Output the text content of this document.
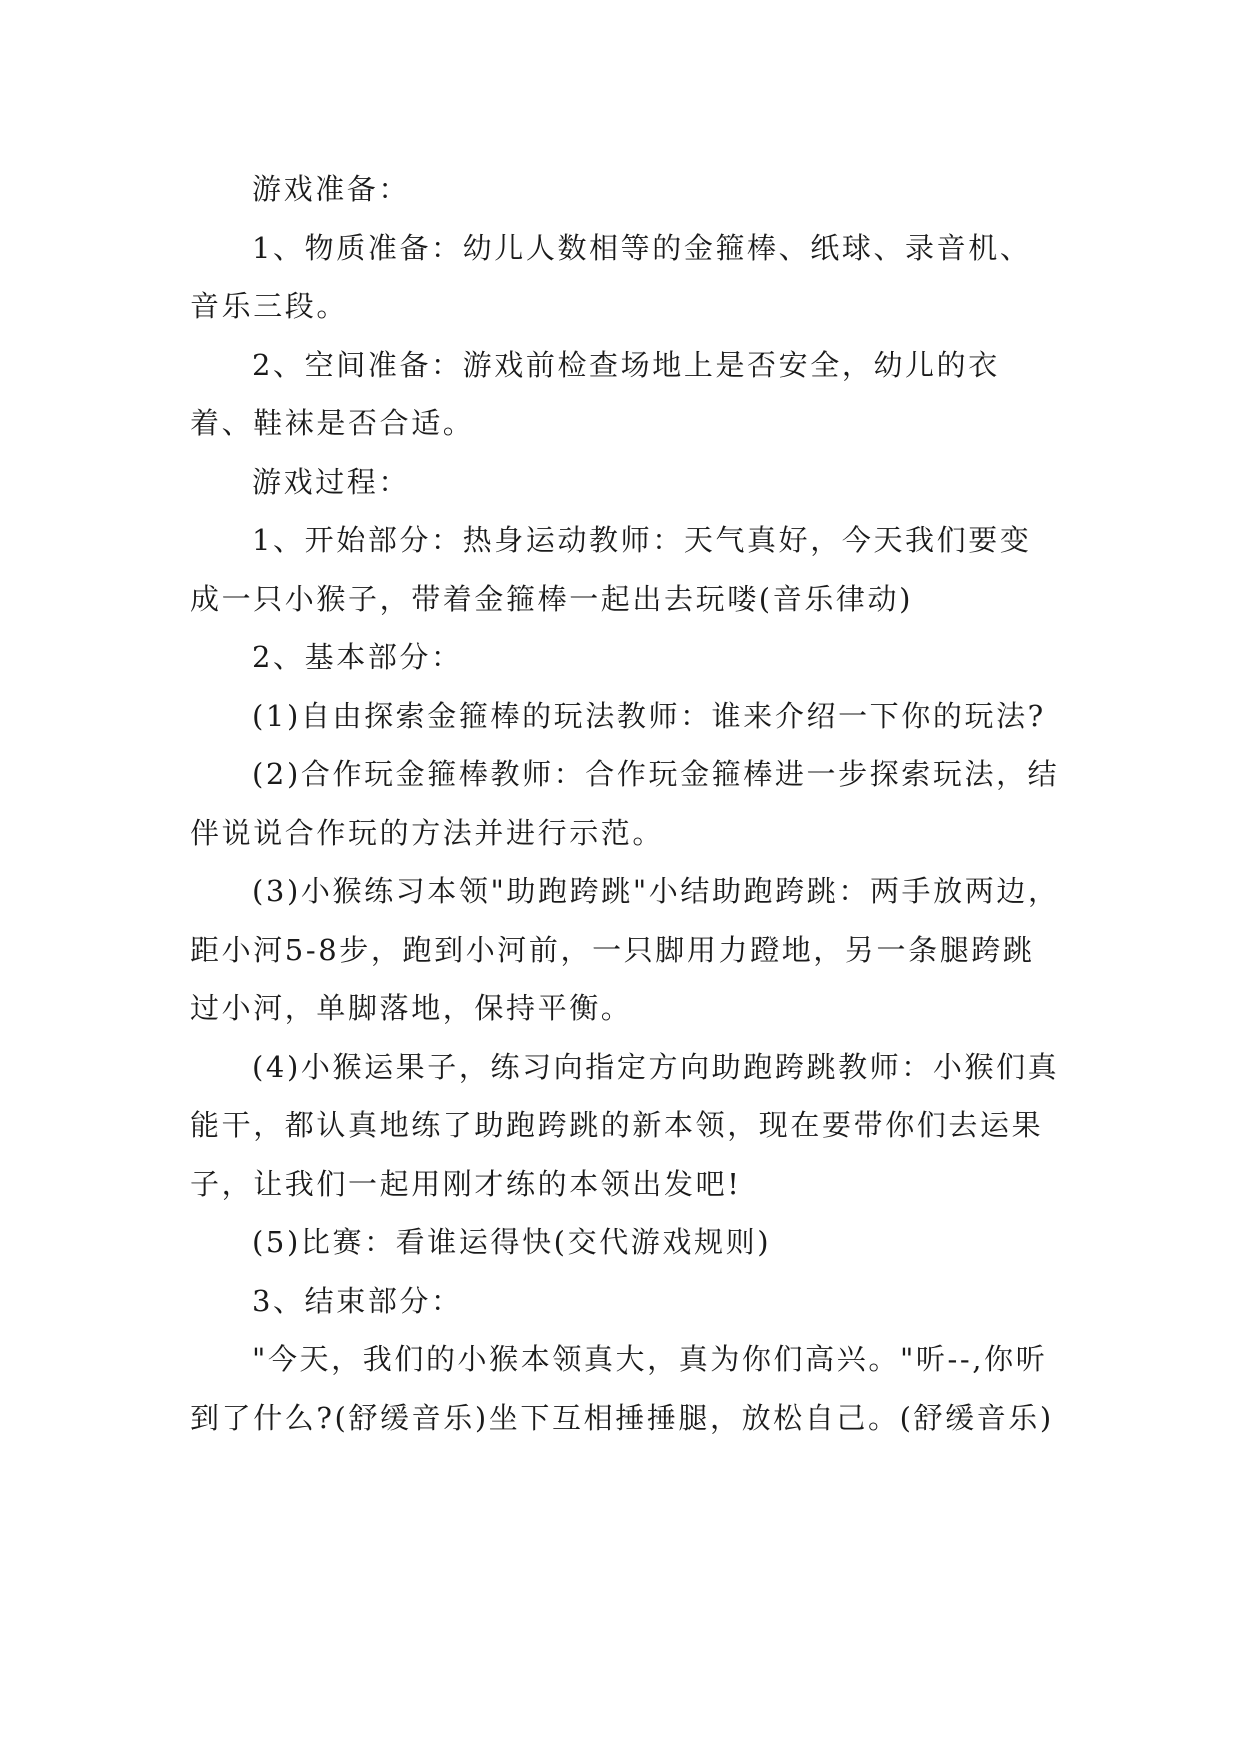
游戏准备：

1、物质准备：幼儿人数相等的金箍棒、纸球、录音机、音乐三段。

2、空间准备：游戏前检查场地上是否安全，幼儿的衣着、鞋袜是否合适。

游戏过程：

1、开始部分：热身运动教师：天气真好，今天我们要变成一只小猴子，带着金箍棒一起出去玩喽(音乐律动)

2、基本部分：

(1)自由探索金箍棒的玩法教师：谁来介绍一下你的玩法?

(2)合作玩金箍棒教师：合作玩金箍棒进一步探索玩法，结伴说说合作玩的方法并进行示范。

(3)小猴练习本领"助跑跨跳"小结助跑跨跳：两手放两边，距小河5-8步，跑到小河前，一只脚用力蹬地，另一条腿跨跳过小河，单脚落地，保持平衡。

(4)小猴运果子，练习向指定方向助跑跨跳教师：小猴们真能干，都认真地练了助跑跨跳的新本领，现在要带你们去运果子，让我们一起用刚才练的本领出发吧!

(5)比赛：看谁运得快(交代游戏规则)

3、结束部分：

"今天，我们的小猴本领真大，真为你们高兴。"听--,你听到了什么?(舒缓音乐)坐下互相捶捶腿，放松自己。(舒缓音乐)
